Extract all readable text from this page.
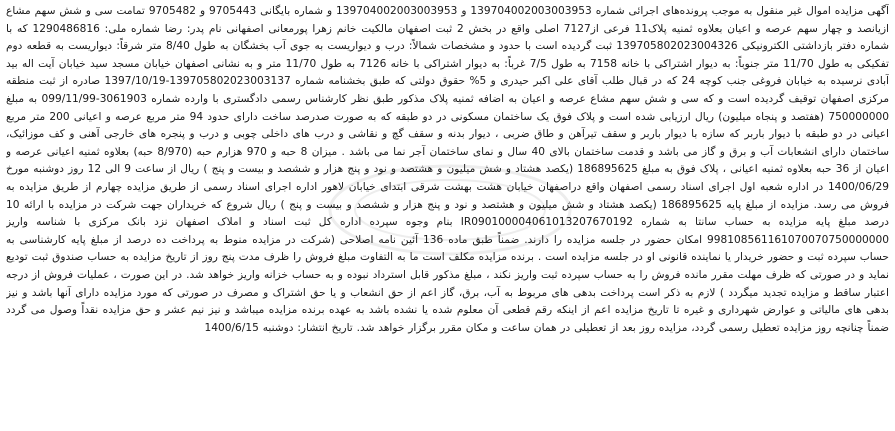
آگهی مزایده اموال غیر منقول به موجب پرونده‌های اجرائی شماره 139704002003003953 و 139704002003003953 و شماره بایگانی 9705443 و 9705482 تمامت سی و شش سهم مشاع ازیانصد و چهار سهم عرصه و اعیان بعلاوه ثمنیه پلاک11 فرعی از7127 اصلی واقع در بخش 2 ثبت اصفهان مالکیت خانم زهرا پورمعانی اصفهانی نام پدر: رضا شماره ملی: 1290486816 که با شماره دفتر بازداشتی الکترونیکی 139705802023004326 ثبت گردیده است با حدود و مشخصات شمالاً: درب و دیواریست به جوی آب بخشگان به طول 8/40 متر شرقاً: دیواریست به قطعه دوم تفکیکی به طول 11/70 متر جنوباً: به دیوار اشتراکی با خانه 7158 به طول 7/5 غرباً: به دیوار اشتراکی با خانه 7126 به طول 11/70 متر و به نشانی اصفهان خیابان مسجد سید خیابان آیت اله بید آبادی نرسیده به خیابان فروغی جنب کوچه 24 که در قبال طلب آقای علی اکبر حیدری و 5% حقوق دولتی که طبق بخشنامه شماره 139705802023003137-1397/10/19 صادره از ثبت منطقه مرکزی اصفهان توقیف گردیده است و که سی و شش سهم مشاع عرصه و اعیان به اضافه ثمنیه پلاک مذکور طبق نظر کارشناس رسمی دادگستری با وارده شماره 3061903-099/11/99 به مبلغ 750000000 (هفتصد و پنجاه میلیون) ریال ارزیابی شده است و پلاک فوق یک ساختمان مسکونی در دو طبقه که به صورت صدرصد ساخت دارای حدود 94 متر مربع عرصه و اعیانی 200 متر مربع اعیانی در دو طبقه با دیوار باربر که سازه با دیوار باربر و سقف تیرآهن و طاق ضربی ، دیوار بدنه و سقف گچ و نقاشی و درب های داخلی چوبی و درب و پنجره های خارجی آهنی و کف موزائیک، ساختمان دارای انشعابات آب و برق و گاز می باشد و قدمت ساختمان بالای 40 سال و نمای ساختمان آجر نما می باشد . میزان 8 حبه و 970 هزارم حبه (8/970 حبه) بعلاوه ثمنیه اعیانی عرصه و اعیان از 36 حبه بعلاوه ثمنیه اعیانی ، پلاک فوق به مبلغ 186895625 (یکصد هشتاد و شش میلیون و هشتصد و نود و پنج هزار و ششصد و بیست و پنج ) ریال از ساعت 9 الی 12 روز دوشنبه مورخ 1400/06/29 در اداره شعبه اول اجرای اسناد رسمی اصفهان واقع دراصفهان خیابان هشت بهشت شرقی ابتدای خیابان لاهور اداره اجرای اسناد رسمی از طریق مزایده چهارم از طریق مزایده به فروش می رسد. مزایده از مبلغ پایه 186895625 (یکصد هشتاد و شش میلیون و هشتصد و نود و پنج هزار و ششصد و بیست و پنج ) ریال شروع که خریداران جهت شرکت در مزایده با ارائه 10 درصد مبلغ پایه مزایده به حساب سانتا به شماره IR090100004061013207670192 بنام وجوه سپرده اداره کل ثبت اسناد و املاک اصفهان نزد بانک مرکزی با شناسه واریز 998108561161070070750000000 امکان حضور در جلسه مزایده را دارند. ضمناً طبق ماده 136 آئین نامه اصلاحی (شرکت در مزایده منوط به پرداخت ده درصد از مبلغ پایه کارشناسی به حساب سپرده ثبت و حضور خریدار یا نماینده قانونی او در جلسه مزایده است . برنده مزایده مکلف است ما به التفاوت مبلغ فروش را ظرف مدت پنج روز از تاریخ مزایده به حساب صندوق ثبت تودیع نماید و در صورتی که ظرف مهلت مقرر مانده فروش را به حساب سپرده ثبت واریز نکند ، مبلغ مذکور قابل استرداد نبوده و به حساب خزانه واریز خواهد شد. در این صورت ، عملیات فروش از درجه اعتبار ساقط و مزایده تجدید میگردد ) لازم به ذکر است پرداخت بدهی های مربوط به آب، برق، گاز اعم از حق انشعاب و یا حق اشتراک و مصرف در صورتی که مورد مزایده دارای آنها باشد و نیز بدهی های مالیاتی و عوارض شهرداری و غیره تا تاریخ مزایده اعم از اینکه رقم قطعی آن معلوم شده یا نشده باشد به عهده برنده مزایده میباشد و نیز نیم عشر و حق مزایده نقداً وصول می گردد ضمناً چنانچه روز مزایده تعطیل رسمی گردد، مزایده روز بعد از تعطیلی در همان ساعت و مکان مقرر برگزار خواهد شد. تاریخ انتشار: دوشنبه 1400/6/15
